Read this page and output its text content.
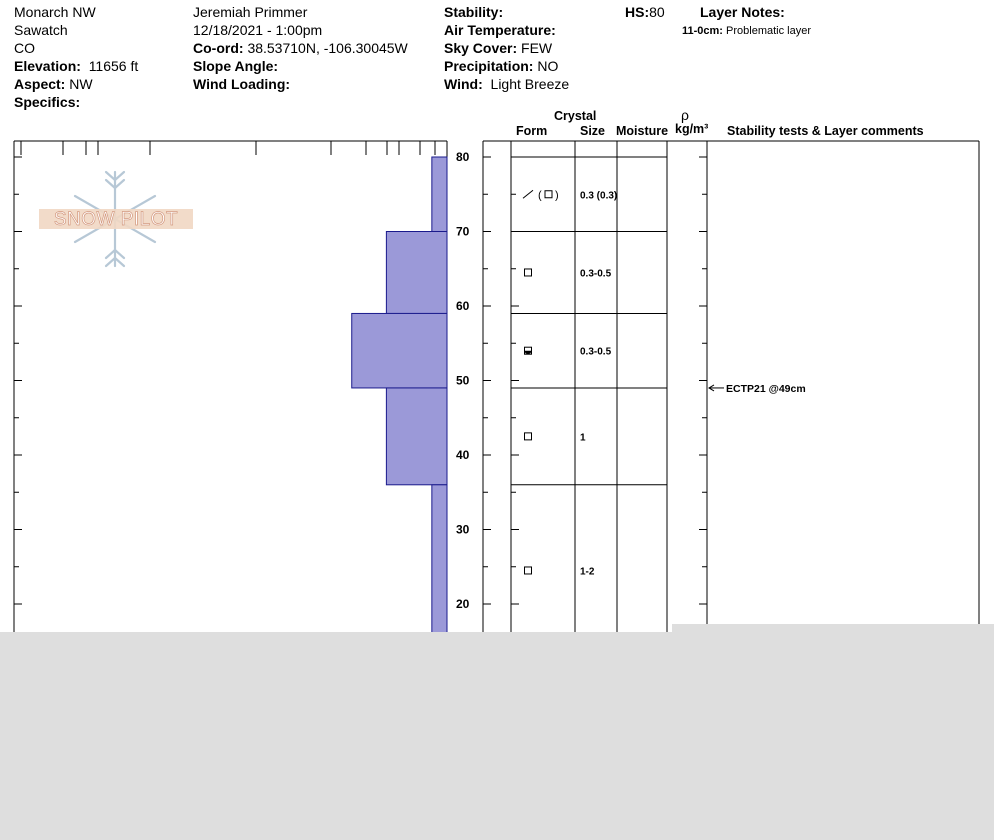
Monarch NW
Sawatch
CO
Elevation: 11656 ft
Aspect: NW
Specifics:
Jeremiah Primmer
12/18/2021 - 1:00pm
Co-ord: 38.53710N, -106.30045W
Slope Angle:
Wind Loading:
Stability:
Air Temperature:
Sky Cover: FEW
Precipitation: NO
Wind: Light Breeze
HS:80	Layer Notes:
11-0cm: Problematic layer
Crystal
Form	Size Moisture
ρ
kg/m³ Stability tests & Layer comments
SNOW PILOT
20
30
40
50
60
70
80
( ) 0.3 (0.3)
0.3-0.5
0.3-0.5
1
1-2
ECTP21 @49cm
